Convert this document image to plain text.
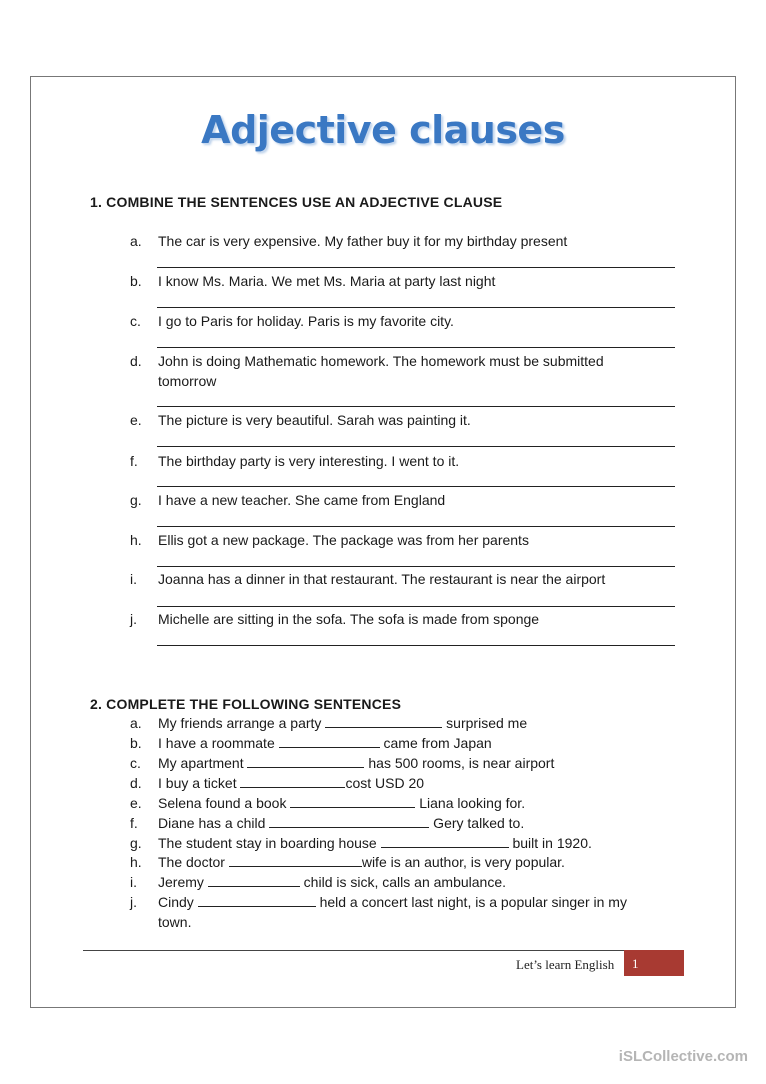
Adjective clauses
1. COMBINE THE SENTENCES USE AN ADJECTIVE CLAUSE
a.	The car is very expensive. My father buy it for my birthday present
b.	I know Ms. Maria. We met Ms. Maria at party last night
c.	I go to Paris for holiday. Paris is my favorite city.
d.	John is doing Mathematic homework. The homework must be submitted tomorrow
e.	The picture is very beautiful. Sarah was painting it.
f.	The birthday party is very interesting. I went to it.
g.	I have a new teacher. She came from England
h.	Ellis got a new package. The package was from her parents
i.	Joanna has a dinner in that restaurant. The restaurant is near the airport
j.	Michelle are sitting in the sofa. The sofa is made from sponge
2. COMPLETE THE FOLLOWING SENTENCES
a.	My friends arrange a party	surprised me
b.	I have a roommate	came from Japan
c.	My apartment	has 500 rooms, is near airport
d.	I buy a ticket	cost USD 20
e.	Selena found a book	Liana looking for.
f.	Diane has a child	Gery talked to.
g.	The student stay in boarding house	built in 1920.
h.	The doctor	wife is an author, is very popular.
i.	Jeremy	child is sick, calls an ambulance.
j.	Cindy	held a concert last night, is a popular singer in my town.
Let’s learn English	1
iSLCollective.com
